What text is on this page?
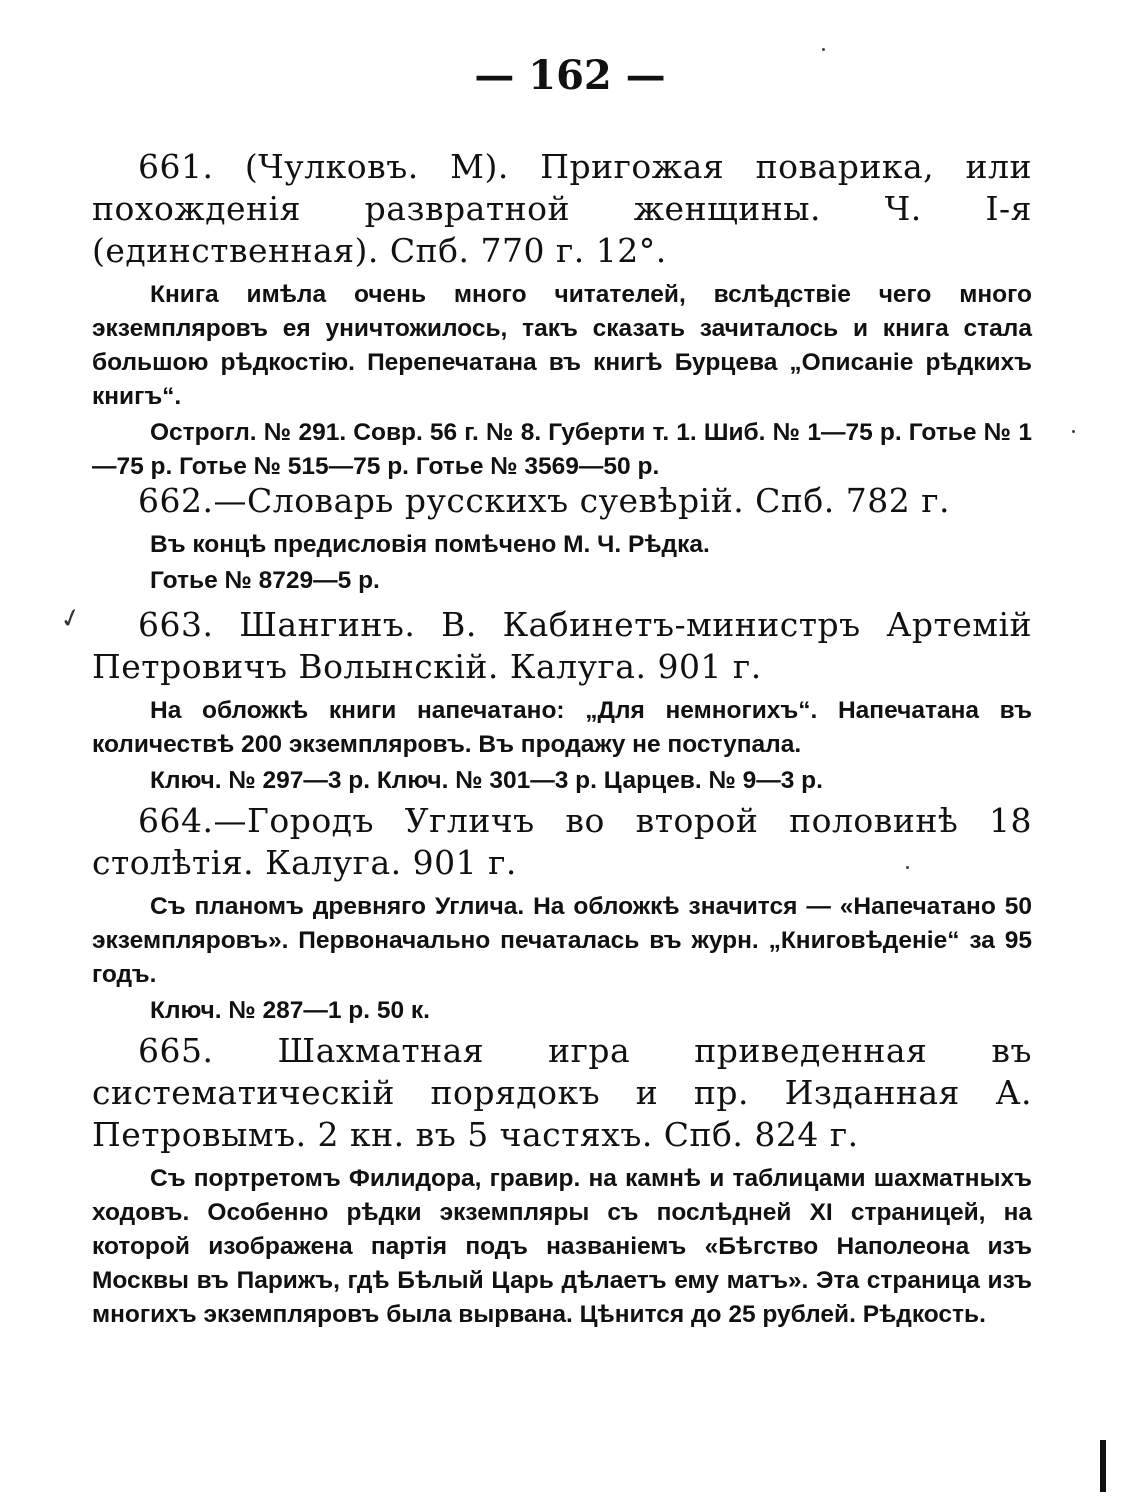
— 162 —
✓
661. (Чулковъ. М). Пригожая поварика, или похожденія развратной женщины. Ч. I-я (единственная). Спб. 770 г. 12°.
Книга имѣла очень много читателей, вслѣдствіе чего много экземпляровъ ея уничтожилось, такъ сказать зачиталось и книга стала большою рѣдкостію. Перепечатана въ книгѣ Бурцева „Описаніе рѣдкихъ книгъ“.
Острогл. № 291. Совр. 56 г. № 8. Губерти т. 1. Шиб. № 1—75 р. Готье № 1—75 р. Готье № 515—75 р. Готье № 3569—50 р.
662.—Словарь русскихъ суевѣрій. Спб. 782 г.
Въ концѣ предисловія помѣчено М. Ч. Рѣдка.
Готье № 8729—5 р.
663. Шангинъ. В. Кабинетъ-министръ Артемій Петровичъ Волынскій. Калуга. 901 г.
На обложкѣ книги напечатано: „Для немногихъ“. Напечатана въ количествѣ 200 экземпляровъ. Въ продажу не поступала.
Ключ. № 297—3 р. Ключ. № 301—3 р. Царцев. № 9—3 р.
664.—Городъ Угличъ во второй половинѣ 18 столѣтія. Калуга. 901 г.
Съ планомъ древняго Углича. На обложкѣ значится — «Напечатано 50 экземпляровъ». Первоначально печаталась въ журн. „Книговѣденіе“ за 95 годъ.
Ключ. № 287—1 р. 50 к.
665. Шахматная игра приведенная въ систематическій порядокъ и пр. Изданная А. Петровымъ. 2 кн. въ 5 частяхъ. Спб. 824 г.
Съ портретомъ Филидора, гравир. на камнѣ и таблицами шахматныхъ ходовъ. Особенно рѣдки экземпляры съ послѣдней XI страницей, на которой изображена партія подъ названіемъ «Бѣгство Наполеона изъ Москвы въ Парижъ, гдѣ Бѣлый Царь дѣлаетъ ему матъ». Эта страница изъ многихъ экземпляровъ была вырвана. Цѣнится до 25 рублей. Рѣдкость.
